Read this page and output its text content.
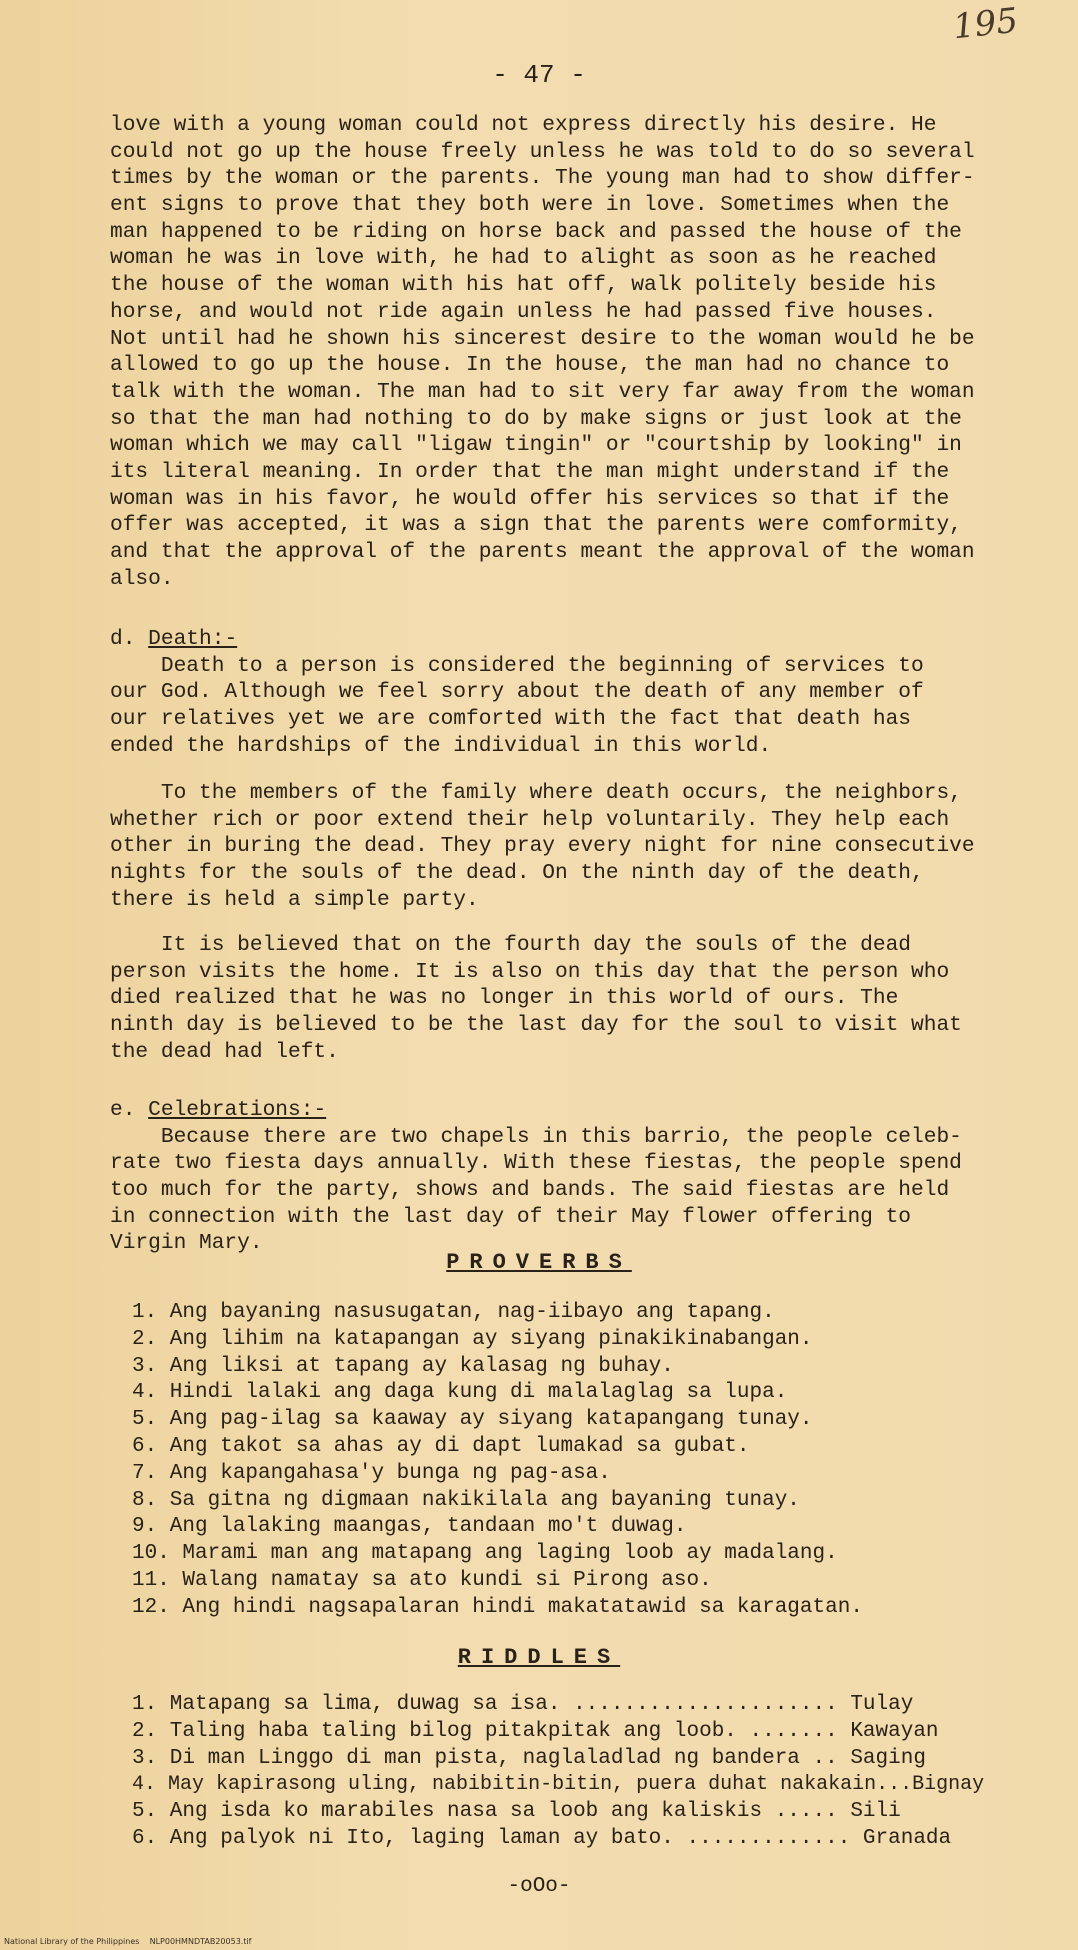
195
- 47 -
love with a young woman could not express directly his desire. He
could not go up the house freely unless he was told to do so several
times by the woman or the parents. The young man had to show differ-
ent signs to prove that they both were in love. Sometimes when the
man happened to be riding on horse back and passed the house of the
woman he was in love with, he had to alight as soon as he reached
the house of the woman with his hat off, walk politely beside his
horse, and would not ride again unless he had passed five houses.
Not until had he shown his sincerest desire to the woman would he be
allowed to go up the house. In the house, the man had no chance to
talk with the woman. The man had to sit very far away from the woman
so that the man had nothing to do by make signs or just look at the
woman which we may call "ligaw tingin" or "courtship by looking" in
its literal meaning. In order that the man might understand if the
woman was in his favor, he would offer his services so that if the
offer was accepted, it was a sign that the parents were comformity,
and that the approval of the parents meant the approval of the woman
also.
d. Death:-
Death to a person is considered the beginning of services to
our God. Although we feel sorry about the death of any member of
our relatives yet we are comforted with the fact that death has
ended the hardships of the individual in this world.
To the members of the family where death occurs, the neighbors,
whether rich or poor extend their help voluntarily. They help each
other in buring the dead. They pray every night for nine consecutive
nights for the souls of the dead. On the ninth day of the death,
there is held a simple party.
It is believed that on the fourth day the souls of the dead
person visits the home. It is also on this day that the person who
died realized that he was no longer in this world of ours. The
ninth day is believed to be the last day for the soul to visit what
the dead had left.
e. Celebrations:-
Because there are two chapels in this barrio, the people celeb-
rate two fiesta days annually. With these fiestas, the people spend
too much for the party, shows and bands. The said fiestas are held
in connection with the last day of their May flower offering to
Virgin Mary.
PROVERBS
1. Ang bayaning nasusugatan, nag-iibayo ang tapang.
2. Ang lihim na katapangan ay siyang pinakikinabangan.
3. Ang liksi at tapang ay kalasag ng buhay.
4. Hindi lalaki ang daga kung di malalaglag sa lupa.
5. Ang pag-ilag sa kaaway ay siyang katapangang tunay.
6. Ang takot sa ahas ay di dapt lumakad sa gubat.
7. Ang kapangahasa'y bunga ng pag-asa.
8. Sa gitna ng digmaan nakikilala ang bayaning tunay.
9. Ang lalaking maangas, tandaan mo't duwag.
10. Marami man ang matapang ang laging loob ay madalang.
11. Walang namatay sa ato kundi si Pirong aso.
12. Ang hindi nagsapalaran hindi makatatawid sa karagatan.
RIDDLES
1. Matapang sa lima, duwag sa isa. ..................... Tulay
2. Taling haba taling bilog pitakpitak ang loob. ....... Kawayan
3. Di man Linggo di man pista, naglaladlad ng bandera .. Saging
4. May kapirasong uling, nabibitin-bitin, puera duhat nakakain...Bignay
5. Ang isda ko marabiles nasa sa loob ang kaliskis ..... Sili
6. Ang palyok ni Ito, laging laman ay bato. ............. Granada
-oOo-
National Library of the Philippines    NLP00HMNDTAB20053.tif
